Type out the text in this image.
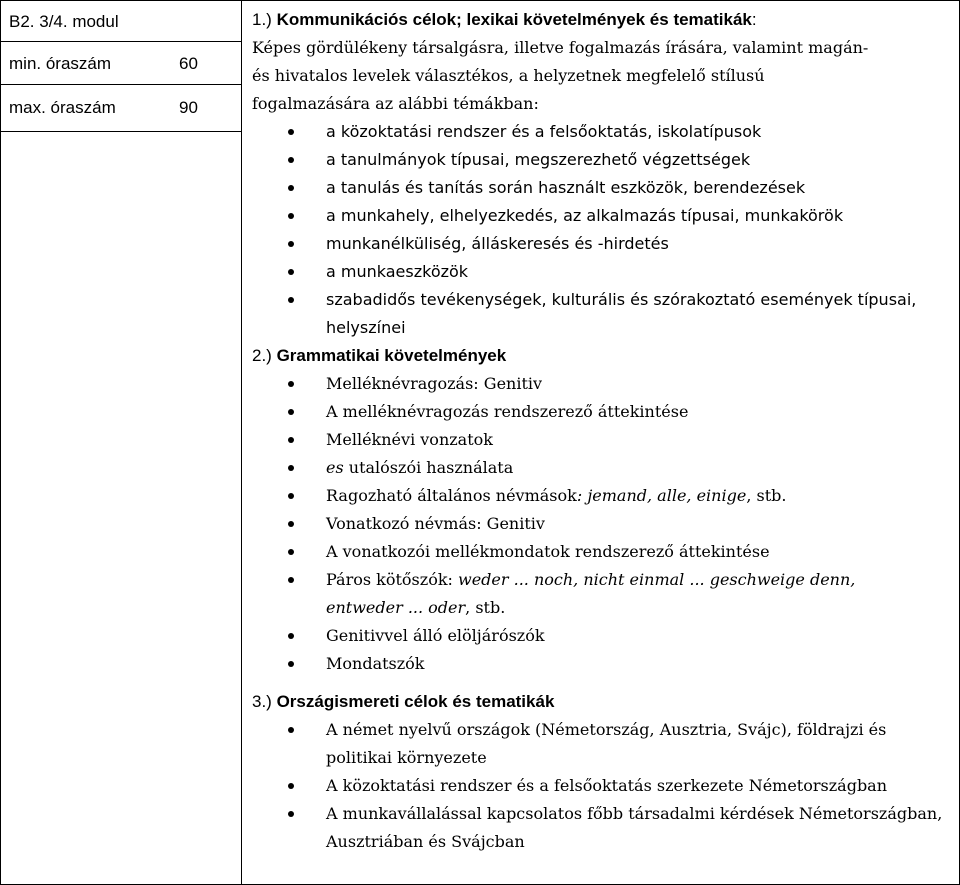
B2. 3/4. modul
min. óraszám	60
max. óraszám	90
1.) Kommunikációs célok; lexikai követelmények és tematikák:
Képes gördülékeny társalgásra, illetve fogalmazás írására, valamint magán-
és hivatalos levelek választékos, a helyzetnek megfelelő stílusú
fogalmazására az alábbi témákban:
a közoktatási rendszer és a felsőoktatás, iskolatípusok
a tanulmányok típusai, megszerezhető végzettségek
a tanulás és tanítás során használt eszközök, berendezések
a munkahely, elhelyezkedés, az alkalmazás típusai, munkakörök
munkanélküliség, álláskeresés és -hirdetés
a munkaeszközök
szabadidős tevékenységek, kulturális és szórakoztató események típusai, helyszínei
2.) Grammatikai követelmények
Melléknévragozás: Genitiv
A melléknévragozás rendszerező áttekintése
Melléknévi vonzatok
es utalószói használata
Ragozható általános névmások: jemand, alle, einige, stb.
Vonatkozó névmás: Genitiv
A vonatkozói mellékmondatok rendszerező áttekintése
Páros kötőszók: weder ... noch, nicht einmal ... geschweige denn,
entweder ... oder, stb.
Genitivvel álló elöljárószók
Mondatszók
3.) Országismereti célok és tematikák
A német nyelvű országok (Németország, Ausztria, Svájc), földrajzi és politikai környezete
A közoktatási rendszer és a felsőoktatás szerkezete Németországban
A munkavállalással kapcsolatos főbb társadalmi kérdések Németországban, Ausztriában és Svájcban
